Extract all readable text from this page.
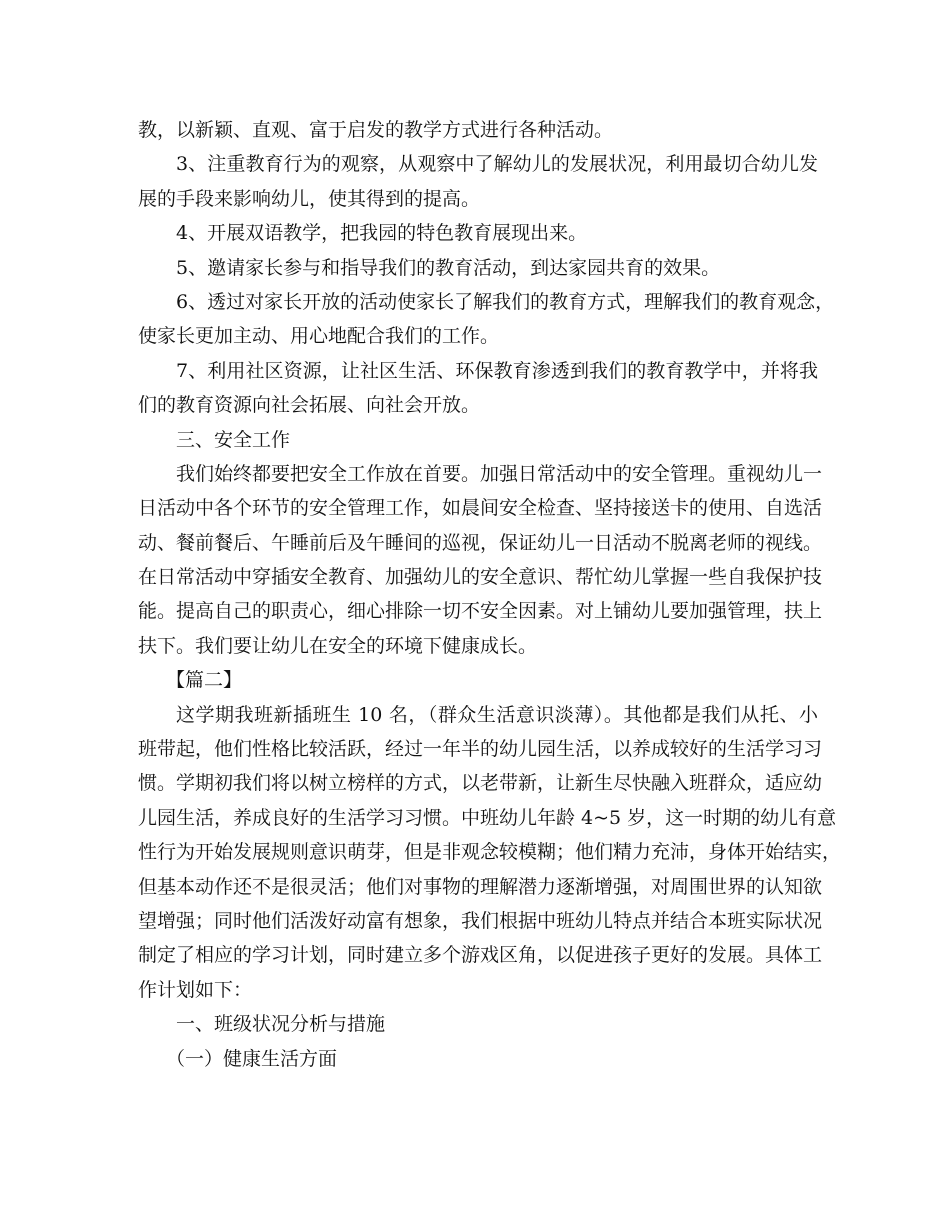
教，以新颖、直观、富于启发的教学方式进行各种活动。
3、注重教育行为的观察，从观察中了解幼儿的发展状况，利用最切合幼儿发
展的手段来影响幼儿，使其得到的提高。
4、开展双语教学，把我园的特色教育展现出来。
5、邀请家长参与和指导我们的教育活动，到达家园共育的效果。
6、透过对家长开放的活动使家长了解我们的教育方式，理解我们的教育观念，
使家长更加主动、用心地配合我们的工作。
7、利用社区资源，让社区生活、环保教育渗透到我们的教育教学中，并将我
们的教育资源向社会拓展、向社会开放。
三、安全工作
我们始终都要把安全工作放在首要。加强日常活动中的安全管理。重视幼儿一
日活动中各个环节的安全管理工作，如晨间安全检查、坚持接送卡的使用、自选活
动、餐前餐后、午睡前后及午睡间的巡视，保证幼儿一日活动不脱离老师的视线。
在日常活动中穿插安全教育、加强幼儿的安全意识、帮忙幼儿掌握一些自我保护技
能。提高自己的职责心，细心排除一切不安全因素。对上铺幼儿要加强管理，扶上
扶下。我们要让幼儿在安全的环境下健康成长。
【篇二】
这学期我班新插班生 10 名，（群众生活意识淡薄）。其他都是我们从托、小
班带起，他们性格比较活跃，经过一年半的幼儿园生活，以养成较好的生活学习习
惯。学期初我们将以树立榜样的方式，以老带新，让新生尽快融入班群众，适应幼
儿园生活，养成良好的生活学习习惯。中班幼儿年龄 4~5 岁，这一时期的幼儿有意
性行为开始发展规则意识萌芽，但是非观念较模糊；他们精力充沛，身体开始结实，
但基本动作还不是很灵活；他们对事物的理解潜力逐渐增强，对周围世界的认知欲
望增强；同时他们活泼好动富有想象，我们根据中班幼儿特点并结合本班实际状况
制定了相应的学习计划，同时建立多个游戏区角，以促进孩子更好的发展。具体工
作计划如下：
一、班级状况分析与措施
（一）健康生活方面
